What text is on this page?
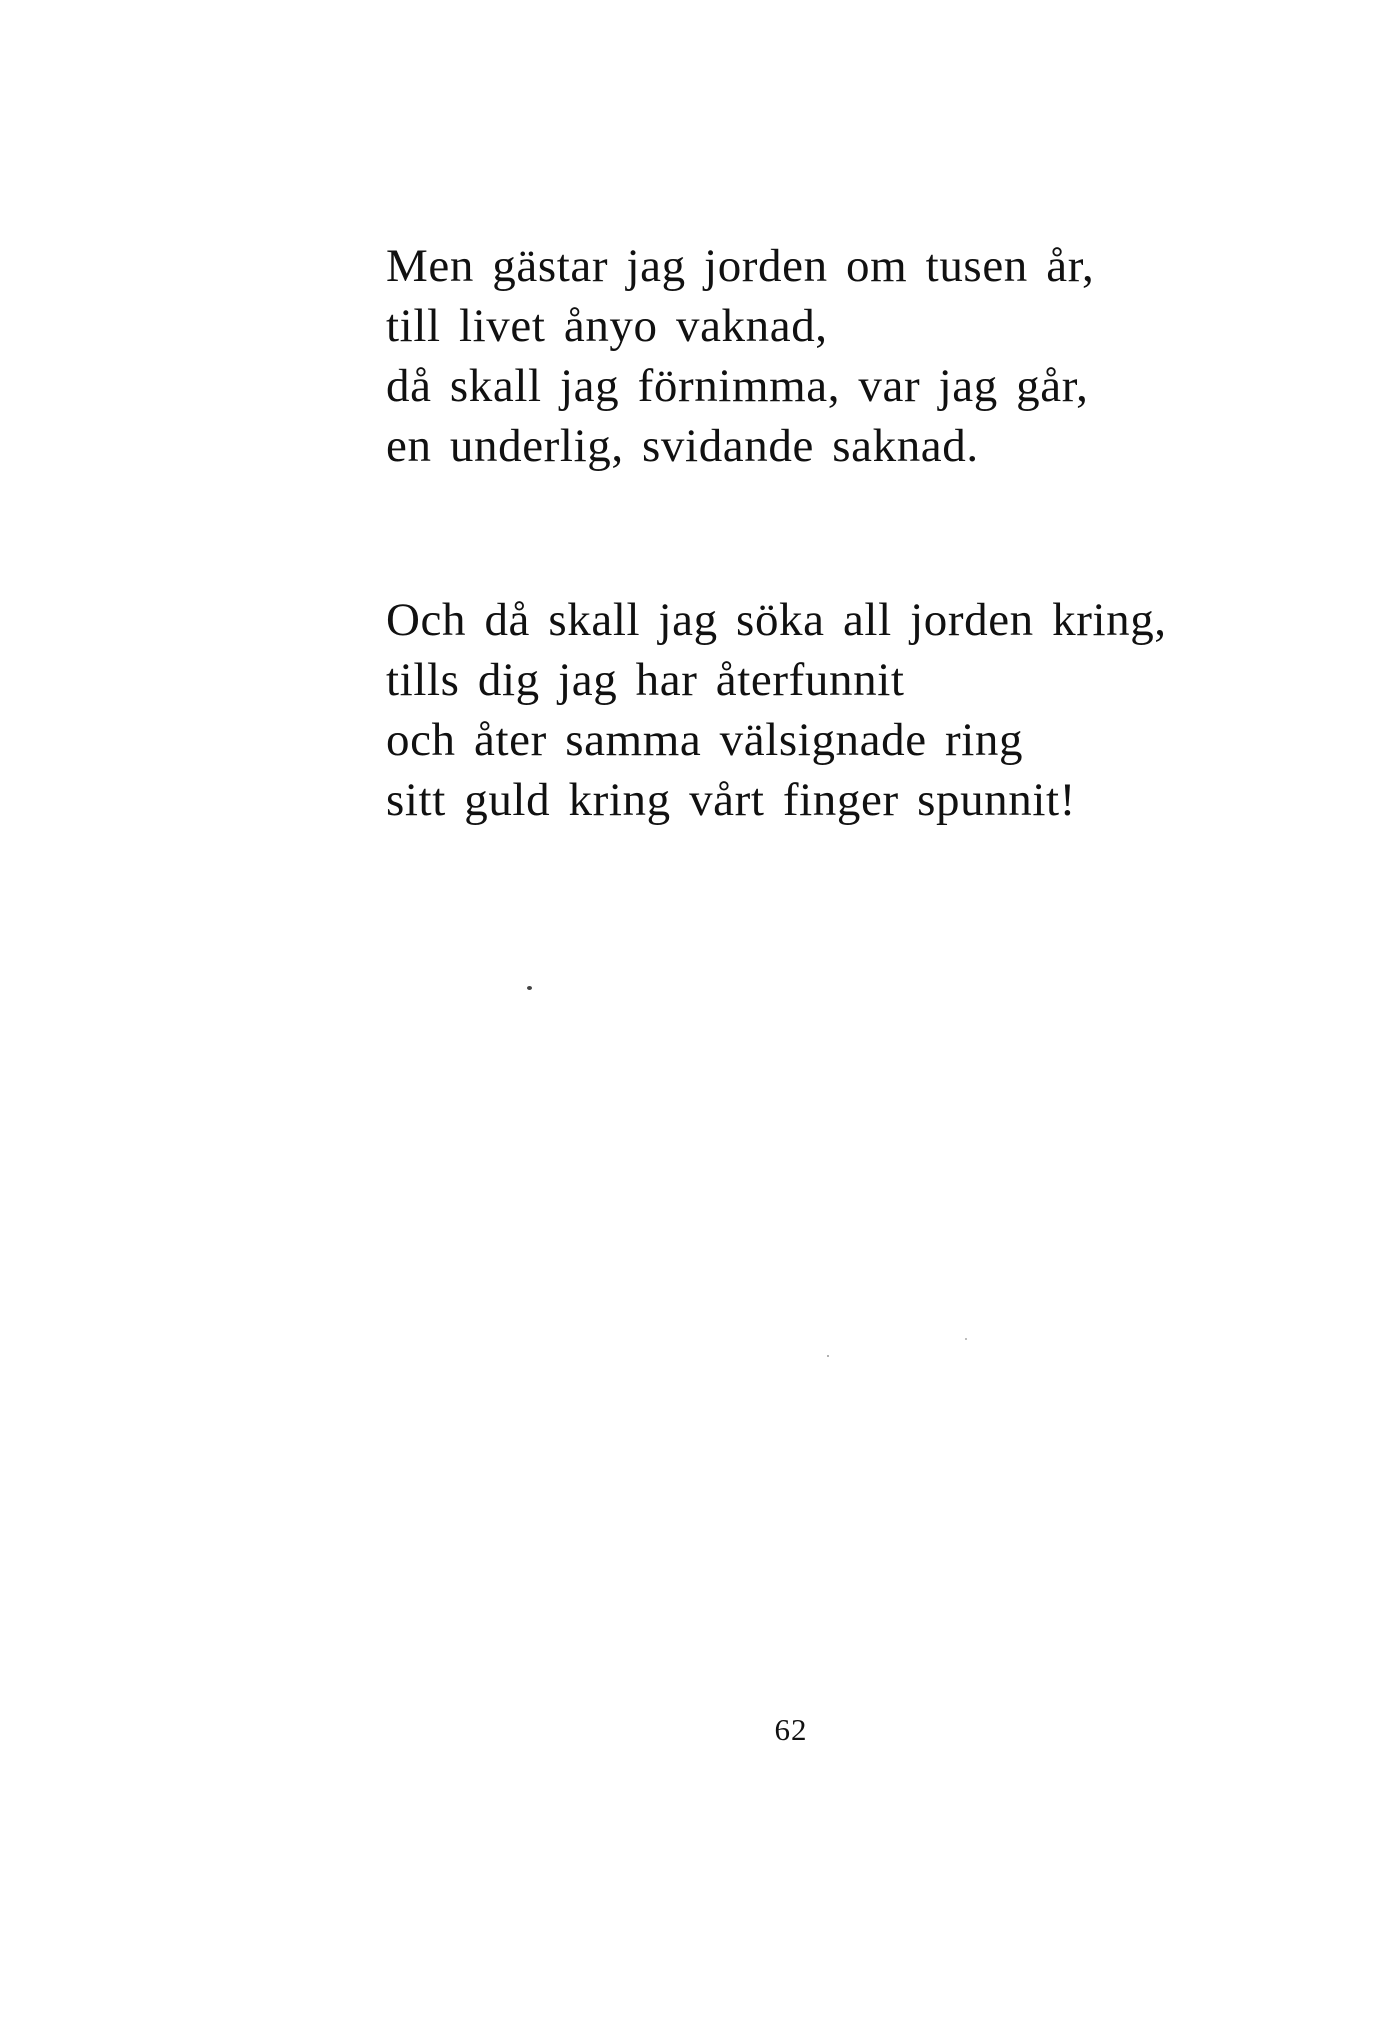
Men gästar jag jorden om tusen år,
till livet ånyo vaknad,
då skall jag förnimma, var jag går,
en underlig, svidande saknad.
Och då skall jag söka all jorden kring,
tills dig jag har återfunnit
och åter samma välsignade ring
sitt guld kring vårt finger spunnit!
62
